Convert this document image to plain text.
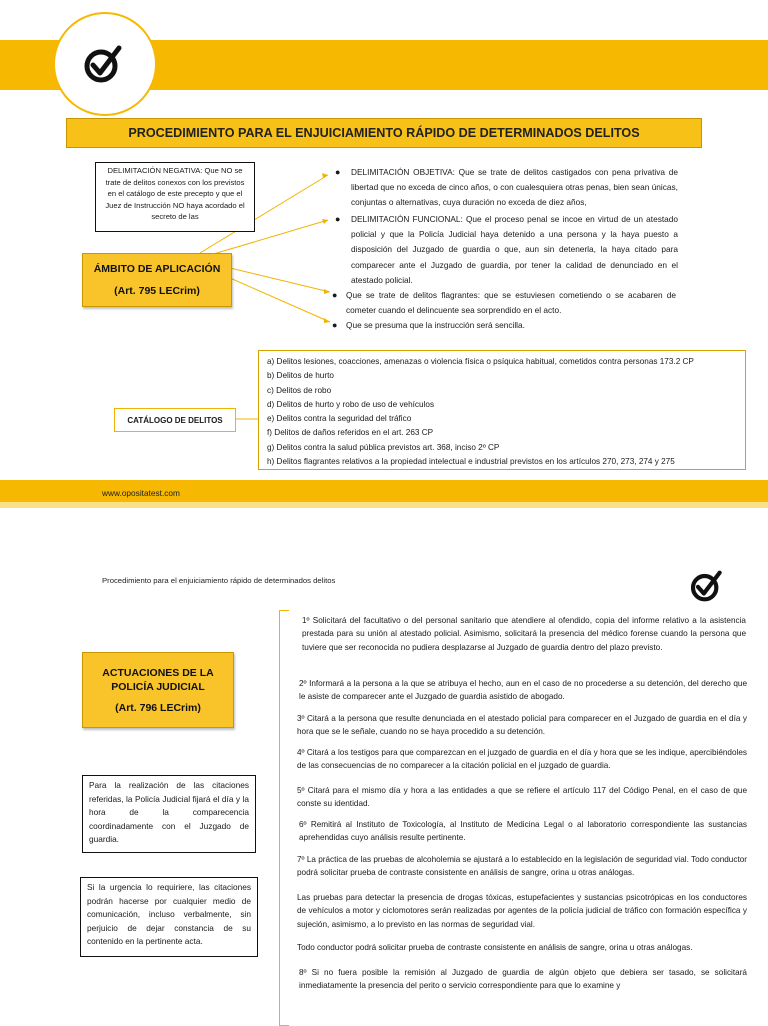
PROCEDIMIENTO PARA EL ENJUICIAMIENTO RÁPIDO DE DETERMINADOS DELITOS
DELIMITACIÓN NEGATIVA: Que NO se trate de delitos conexos con los previstos en el catálogo de este precepto y que el Juez de Instrucción NO haya acordado el secreto de las
ÁMBITO DE APLICACIÓN
(Art. 795 LECrim)
● DELIMITACIÓN OBJETIVA: Que se trate de delitos castigados con pena privativa de libertad que no exceda de cinco años, o con cualesquiera otras penas, bien sean únicas, conjuntas o alternativas, cuya duración no exceda de diez años,
● DELIMITACIÓN FUNCIONAL: Que el proceso penal se incoe en virtud de un atestado policial y que la Policía Judicial haya detenido a una persona y la haya puesto a disposición del Juzgado de guardia o que, aun sin detenerla, la haya citado para comparecer ante el Juzgado de guardia, por tener la calidad de denunciado en el atestado policial.
● Que se trate de delitos flagrantes: que se estuviesen cometiendo o se acabaren de cometer cuando el delincuente sea sorprendido en el acto.
● Que se presuma que la instrucción será sencilla.
CATÁLOGO DE DELITOS
a) Delitos lesiones, coacciones, amenazas o violencia física o psíquica habitual, cometidos contra personas 173.2 CP
b) Delitos de hurto
c) Delitos de robo
d) Delitos de hurto y robo de uso de vehículos
e) Delitos contra la seguridad del tráfico
f) Delitos de daños referidos en el art. 263 CP
g) Delitos contra la salud pública previstos art. 368, inciso 2º CP
h) Delitos flagrantes relativos a la propiedad intelectual e industrial previstos en los artículos 270, 273, 274 y 275
www.opositatest.com
Procedimiento para el enjuiciamiento rápido de determinados delitos
ACTUACIONES DE LA POLICÍA JUDICIAL
(Art. 796 LECrim)
Para la realización de las citaciones referidas, la Policía Judicial fijará el día y la hora de la comparecencia coordinadamente con el Juzgado de guardia.
Si la urgencia lo requiriere, las citaciones podrán hacerse por cualquier medio de comunicación, incluso verbalmente, sin perjuicio de dejar constancia de su contenido en la pertinente acta.
1º Solicitará del facultativo o del personal sanitario que atendiere al ofendido, copia del informe relativo a la asistencia prestada para su unión al atestado policial. Asimismo, solicitará la presencia del médico forense cuando la persona que tuviere que ser reconocida no pudiera desplazarse al Juzgado de guardia dentro del plazo previsto.
2º Informará a la persona a la que se atribuya el hecho, aun en el caso de no procederse a su detención, del derecho que le asiste de comparecer ante el Juzgado de guardia asistido de abogado.
3º Citará a la persona que resulte denunciada en el atestado policial para comparecer en el Juzgado de guardia en el día y hora que se le señale, cuando no se haya procedido a su detención.
4º Citará a los testigos para que comparezcan en el juzgado de guardia en el día y hora que se les indique, apercibiéndoles de las consecuencias de no comparecer a la citación policial en el juzgado de guardia.
5º Citará para el mismo día y hora a las entidades a que se refiere el artículo 117 del Código Penal, en el caso de que conste su identidad.
6º Remitirá al Instituto de Toxicología, al Instituto de Medicina Legal o al laboratorio correspondiente las sustancias aprehendidas cuyo análisis resulte pertinente.
7º La práctica de las pruebas de alcoholemia se ajustará a lo establecido en la legislación de seguridad vial. Todo conductor podrá solicitar prueba de contraste consistente en análisis de sangre, orina u otras análogas.
Las pruebas para detectar la presencia de drogas tóxicas, estupefacientes y sustancias psicotrópicas en los conductores de vehículos a motor y ciclomotores serán realizadas por agentes de la policía judicial de tráfico con formación específica y sujeción, asimismo, a lo previsto en las normas de seguridad vial.
Todo conductor podrá solicitar prueba de contraste consistente en análisis de sangre, orina u otras análogas.
8º Si no fuera posible la remisión al Juzgado de guardia de algún objeto que debiera ser tasado, se solicitará inmediatamente la presencia del perito o servicio correspondiente para que lo examine y
